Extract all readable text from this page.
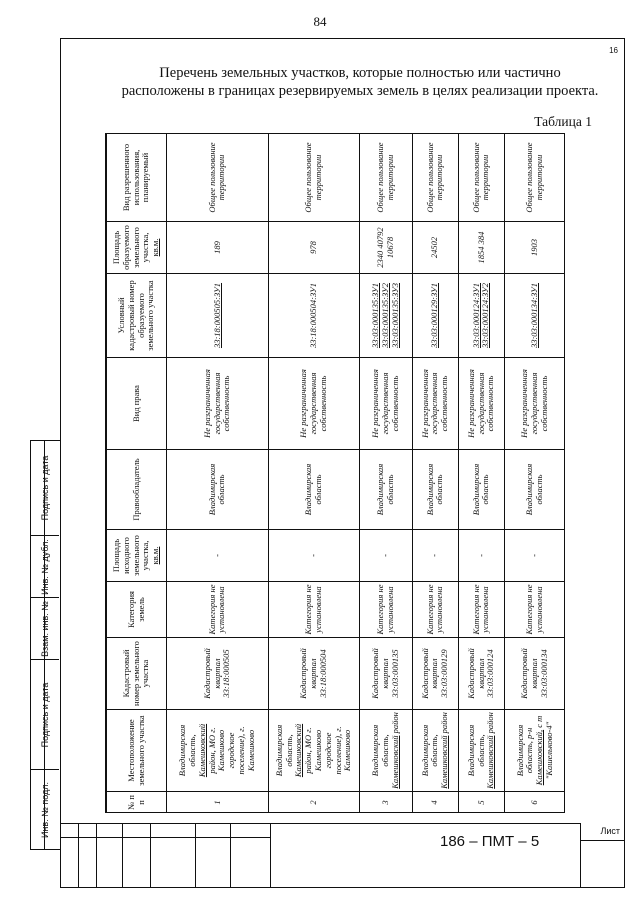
84
16
Перечень земельных участков, которые полностью или частично расположены в границах резервируемых земель в целях реализации проекта.
Таблица 1
№ п п	Местоположение земельного участка	Кадастровый номер земельного участка	Категория земель	Площадь исходного земельного участка, кв.м.	Правообладатель	Вид права	Условный кадастровый номер образуемого земельного участка	Площадь образуемого земельного участка, кв.м.	Вид разрешенного использования, планируемый
1	Владимирская область, Камешковский район, МО г. Камешково городское поселение), г. Камешково	Кадастровый квартал 33:18:000505	Категория не установлена	-	Владимирская область	Не разграниченная государственная собственность	33:18:000505:ЗУ1	189	Общее пользование территории
2	Владимирская область, Камешковский район, МО г. Камешково городское поселение), г. Камешково	Кадастровый квартал 33:18:000504	Категория не установлена	-	Владимирская область	Не разграниченная государственная собственность	33:18:000504:ЗУ1	978	Общее пользование территории
3	Владимирская область, Камешковский район	Кадастровый квартал 33:03:000135	Категория не установлена	-	Владимирская область	Не разграниченная государственная собственность	33:03:000135:ЗУ1 33:03:000135:ЗУ2 33:03:000135:ЗУ3	2340 40792 10678	Общее пользование территории
4	Владимирская область, Камешковский район	Кадастровый квартал 33:03:000129	Категория не установлена	-	Владимирская область	Не разграниченная государственная собственность	33:03:000129:ЗУ1	24502	Общее пользование территории
5	Владимирская область, Камешковский район	Кадастровый квартал 33:03:000124	Категория не установлена	-	Владимирская область	Не разграниченная государственная собственность	33:03:000124:ЗУ1 33:03:000124:ЗУ2	1854 384	Общее пользование территории
6	Владимирская область, р-н Камешковский, с т "Кашельково-4"	Кадастровый квартал 33:03:000134	Категория не установлена	-	Владимирская область	Не разграниченная государственная собственность	33:03:000134:ЗУ1	1903	Общее пользование территории
Подпись и дата
Инв. № дубл.
Взам. инв. №
Подпись и дата
Инв. № подл.	Лист
186 – ПМТ – 5
